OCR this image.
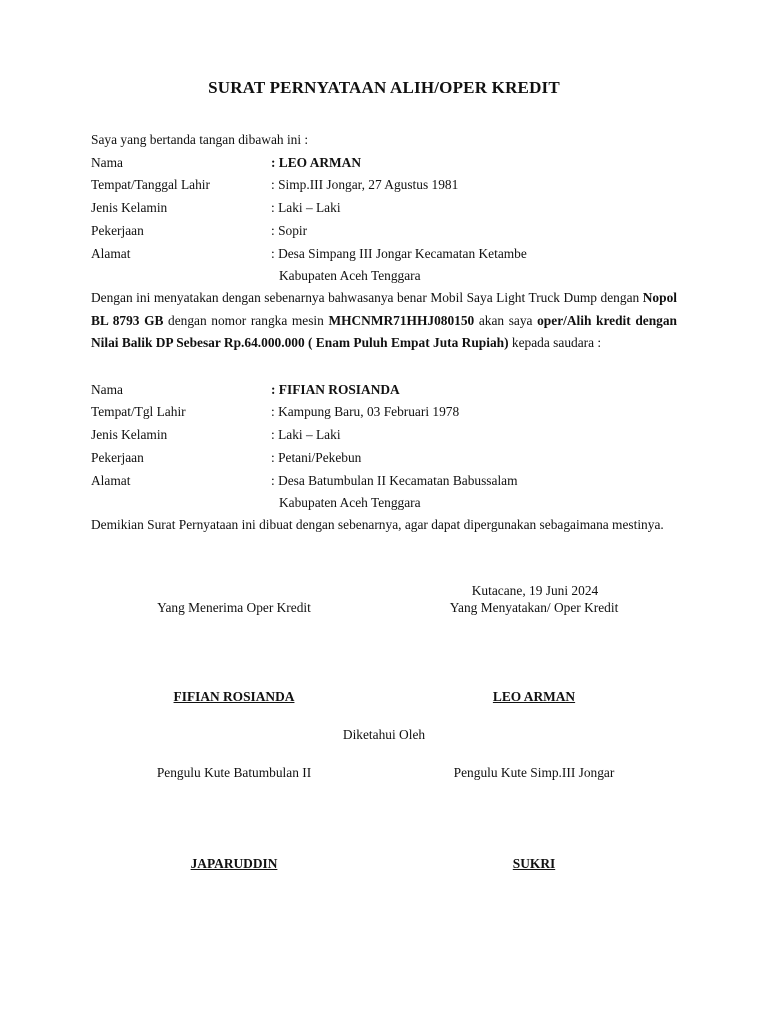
SURAT PERNYATAAN ALIH/OPER KREDIT
Saya yang bertanda tangan dibawah ini :
Nama	: LEO ARMAN
Tempat/Tanggal Lahir	: Simp.III Jongar, 27 Agustus 1981
Jenis Kelamin	: Laki – Laki
Pekerjaan	: Sopir
Alamat	: Desa Simpang III Jongar Kecamatan Ketambe
Kabupaten Aceh Tenggara
Dengan ini menyatakan dengan sebenarnya bahwasanya benar Mobil Saya Light Truck Dump dengan Nopol BL 8793 GB dengan nomor rangka mesin MHCNMR71HHJ080150 akan saya oper/Alih kredit dengan Nilai Balik DP Sebesar Rp.64.000.000 ( Enam Puluh Empat Juta Rupiah) kepada saudara :
Nama	: FIFIAN ROSIANDA
Tempat/Tgl Lahir	: Kampung Baru, 03 Februari 1978
Jenis Kelamin	: Laki – Laki
Pekerjaan	: Petani/Pekebun
Alamat	: Desa Batumbulan II Kecamatan Babussalam
Kabupaten Aceh Tenggara
Demikian Surat Pernyataan ini dibuat dengan sebenarnya, agar dapat dipergunakan sebagaimana mestinya.
Kutacane, 19 Juni 2024
Yang Menerima Oper Kredit	Yang Menyatakan/ Oper Kredit
FIFIAN ROSIANDA	LEO ARMAN
Diketahui Oleh
Pengulu Kute Batumbulan II	Pengulu Kute Simp.III Jongar
JAPARUDDIN	SUKRI
